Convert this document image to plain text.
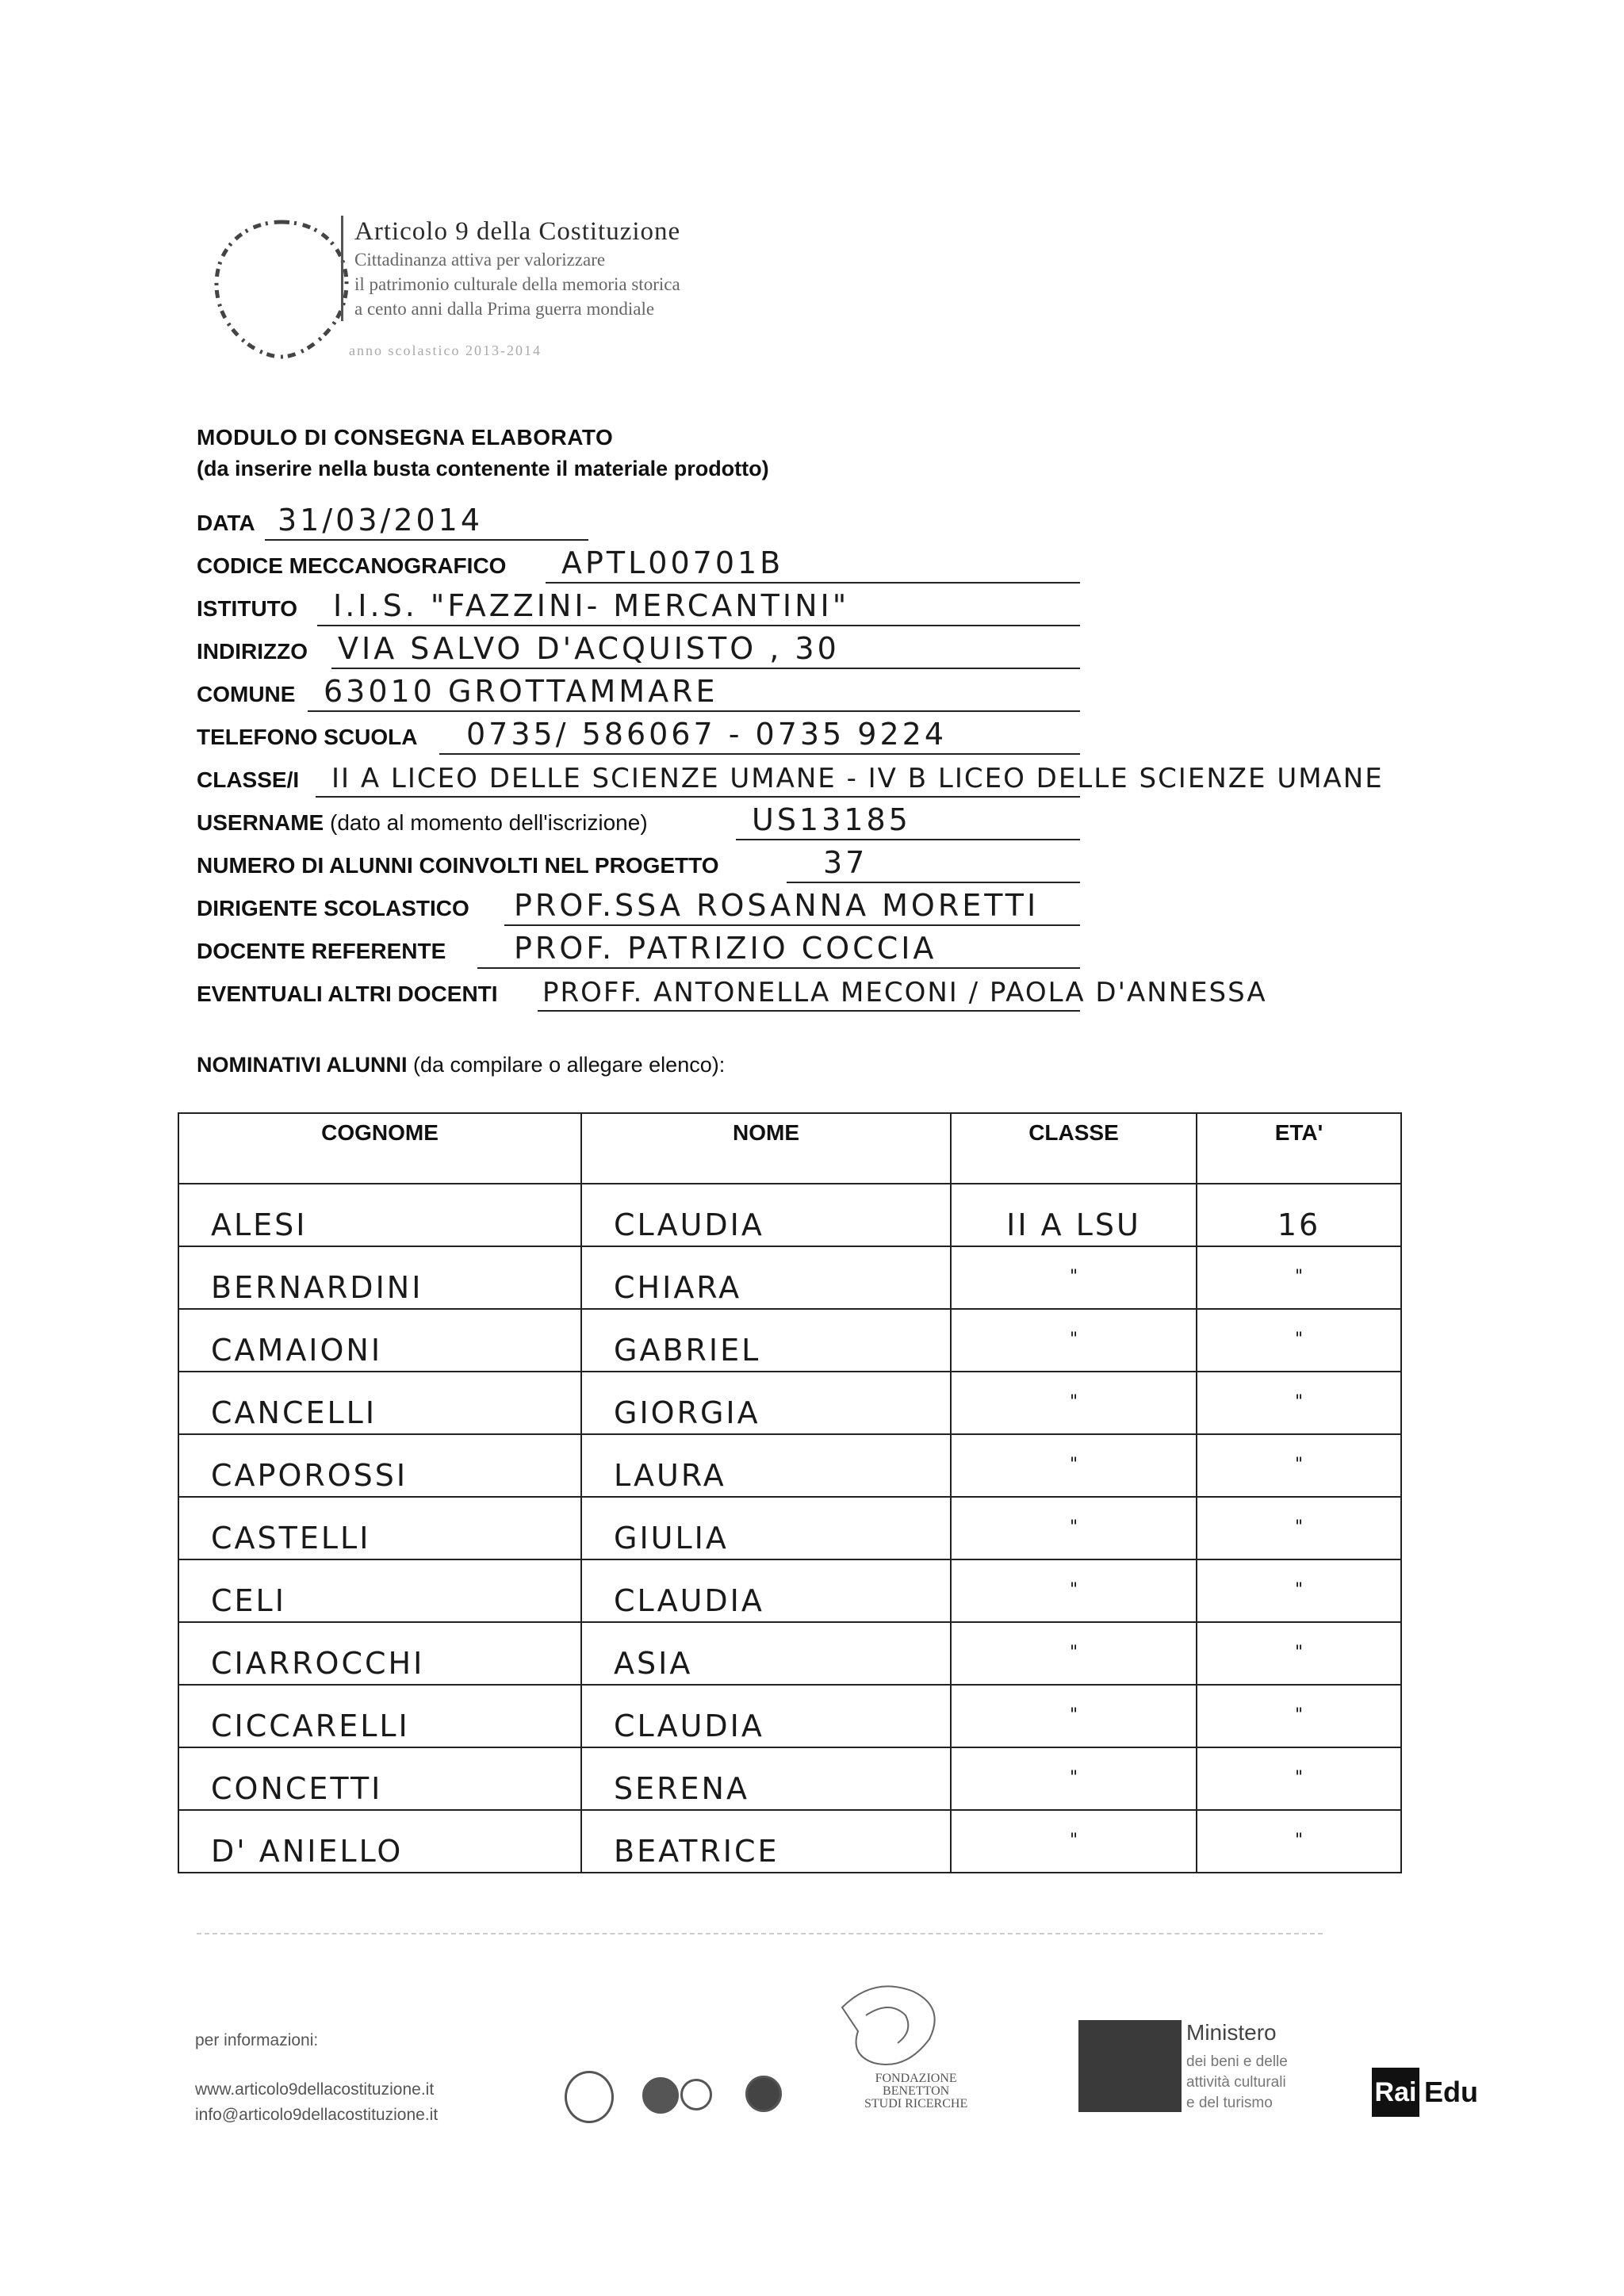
Articolo 9 della Costituzione
Cittadinanza attiva per valorizzare
il patrimonio culturale della memoria storica
a cento anni dalla Prima guerra mondiale
anno scolastico 2013-2014
MODULO DI CONSEGNA ELABORATO
(da inserire nella busta contenente il materiale prodotto)
DATA 31/03/2014
CODICE MECCANOGRAFICO APTL00701B
ISTITUTO I.I.S. "FAZZINI- MERCANTINI"
INDIRIZZO VIA SALVO D'ACQUISTO , 30
COMUNE 63010 GROTTAMMARE
TELEFONO SCUOLA 0735/ 586067 - 0735 9224
CLASSE/I II A LICEO DELLE SCIENZE UMANE - IV B LICEO DELLE SCIENZE UMANE
USERNAME (dato al momento dell'iscrizione)	US13185
NUMERO DI ALUNNI COINVOLTI NEL PROGETTO	37
DIRIGENTE SCOLASTICO PROF.SSA ROSANNA MORETTI
DOCENTE REFERENTE PROF. PATRIZIO COCCIA
EVENTUALI ALTRI DOCENTI PROFF. ANTONELLA MECONI / PAOLA D'ANNESSA
NOMINATIVI ALUNNI (da compilare o allegare elenco):
COGNOME	NOME	CLASSE	ETA'
ALESI	CLAUDIA	II A LSU	16
BERNARDINI	CHIARA	"	"
CAMAIONI	GABRIEL	"	"
CANCELLI	GIORGIA	"	"
CAPOROSSI	LAURA	"	"
CASTELLI	GIULIA	"	"
CELI	CLAUDIA	"	"
CIARROCCHI	ASIA	"	"
CICCARELLI	CLAUDIA	"	"
CONCETTI	SERENA	"	"
D' ANIELLO	BEATRICE	"	"
per informazioni:
www.articolo9dellacostituzione.it
info@articolo9dellacostituzione.it
FONDAZIONE
BENETTON
STUDI RICERCHE
Ministero
dei beni e delle
attività culturali
e del turismo	Rai Edu
